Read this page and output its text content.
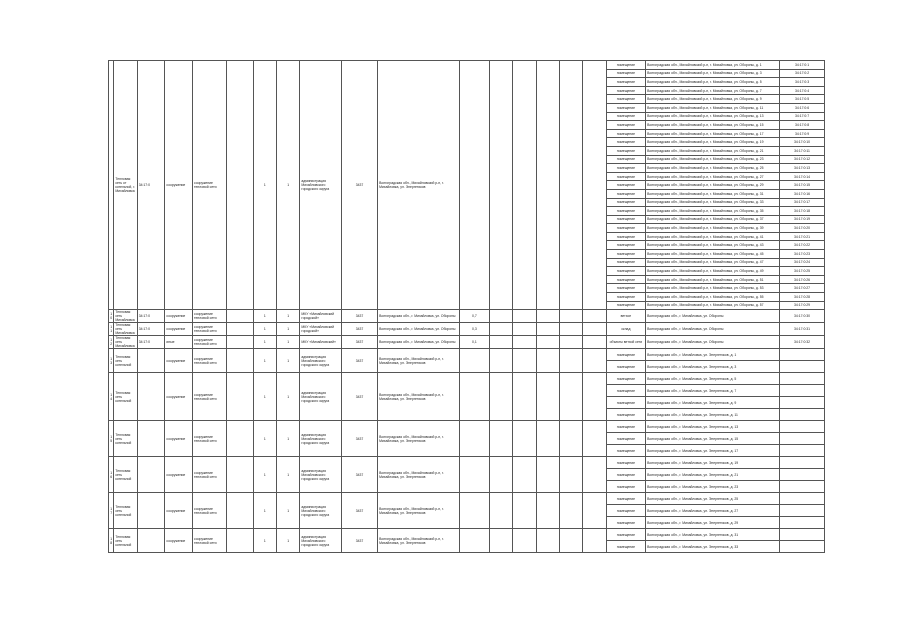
	Тепловая сеть от котельной, г. Михайловка	34:17:0	сооружение	сооружение тепловой сети		1	1	администрация Михайловского городского округа	3437	Волгоградская обл., Михайловский р-н, г. Михайловка, ул. Энергетиков							помещение	Волгоградская обл., Михайловский р-н, г. Михайловка, ул. Обороны, д. 1	34:17:0:1
																	помещение	Волгоградская обл., Михайловский р-н, г. Михайловка, ул. Обороны, д. 3	34:17:0:2
																	помещение	Волгоградская обл., Михайловский р-н, г. Михайловка, ул. Обороны, д. 5	34:17:0:3
																	помещение	Волгоградская обл., Михайловский р-н, г. Михайловка, ул. Обороны, д. 7	34:17:0:4
																	помещение	Волгоградская обл., Михайловский р-н, г. Михайловка, ул. Обороны, д. 9	34:17:0:5
																	помещение	Волгоградская обл., Михайловский р-н, г. Михайловка, ул. Обороны, д. 11	34:17:0:6
																	помещение	Волгоградская обл., Михайловский р-н, г. Михайловка, ул. Обороны, д. 13	34:17:0:7
																	помещение	Волгоградская обл., Михайловский р-н, г. Михайловка, ул. Обороны, д. 15	34:17:0:8
																	помещение	Волгоградская обл., Михайловский р-н, г. Михайловка, ул. Обороны, д. 17	34:17:0:9
																	помещение	Волгоградская обл., Михайловский р-н, г. Михайловка, ул. Обороны, д. 19	34:17:0:10
																	помещение	Волгоградская обл., Михайловский р-н, г. Михайловка, ул. Обороны, д. 21	34:17:0:11
																	помещение	Волгоградская обл., Михайловский р-н, г. Михайловка, ул. Обороны, д. 23	34:17:0:12
																	помещение	Волгоградская обл., Михайловский р-н, г. Михайловка, ул. Обороны, д. 25	34:17:0:13
																	помещение	Волгоградская обл., Михайловский р-н, г. Михайловка, ул. Обороны, д. 27	34:17:0:14
																	помещение	Волгоградская обл., Михайловский р-н, г. Михайловка, ул. Обороны, д. 29	34:17:0:15
																	помещение	Волгоградская обл., Михайловский р-н, г. Михайловка, ул. Обороны, д. 31	34:17:0:16
																	помещение	Волгоградская обл., Михайловский р-н, г. Михайловка, ул. Обороны, д. 33	34:17:0:17
																	помещение	Волгоградская обл., Михайловский р-н, г. Михайловка, ул. Обороны, д. 35	34:17:0:18
																	помещение	Волгоградская обл., Михайловский р-н, г. Михайловка, ул. Обороны, д. 37	34:17:0:19
																	помещение	Волгоградская обл., Михайловский р-н, г. Михайловка, ул. Обороны, д. 39	34:17:0:20
																	помещение	Волгоградская обл., Михайловский р-н, г. Михайловка, ул. Обороны, д. 41	34:17:0:21
																	помещение	Волгоградская обл., Михайловский р-н, г. Михайловка, ул. Обороны, д. 43	34:17:0:22
																	помещение	Волгоградская обл., Михайловский р-н, г. Михайловка, ул. Обороны, д. 45	34:17:0:23
																	помещение	Волгоградская обл., Михайловский р-н, г. Михайловка, ул. Обороны, д. 47	34:17:0:24
																	помещение	Волгоградская обл., Михайловский р-н, г. Михайловка, ул. Обороны, д. 49	34:17:0:25
																	помещение	Волгоградская обл., Михайловский р-н, г. Михайловка, ул. Обороны, д. 51	34:17:0:26
																	помещение	Волгоградская обл., Михайловский р-н, г. Михайловка, ул. Обороны, д. 53	34:17:0:27
																	помещение	Волгоградская обл., Михайловский р-н, г. Михайловка, ул. Обороны, д. 55	34:17:0:28
																	помещение	Волгоградская обл., Михайловский р-н, г. Михайловка, ул. Обороны, д. 57	34:17:0:29
10	Тепловая сеть Михайловка	34:17:0	сооружение	сооружение тепловой сети		1	1	МКУ «Михайловский городской»	3437	Волгоградская обл., г. Михайловка, ул. Обороны	0,7						ветхое	Волгоградская обл., г. Михайловка, ул. Обороны	34:17:0:30
11	Тепловая сеть Михайловка	34:17:0	сооружение	сооружение тепловой сети		1	1	МКУ «Михайловский городской»	3437	Волгоградская обл., г. Михайловка, ул. Обороны	0,3						склад	Волгоградская обл., г. Михайловка, ул. Обороны	34:17:0:31
12	Тепловая сеть Михайловка	34:17:0	иные	сооружение тепловой сети		1	1	МКУ «Михайловский»	3437	Волгоградская обл., г. Михайловка, ул. Обороны	0,1						объекты ветхой сети	Волгоградская обл., г. Михайловка, ул. Обороны	34:17:0:32
13	Тепловая сеть котельной		сооружение	сооружение тепловой сети		1	1	администрация Михайловского городского округа	3437	Волгоградская обл., Михайловский р-н, г. Михайловка, ул. Энергетиков							помещение	Волгоградская обл., г. Михайловка, ул. Энергетиков, д. 1	
																	помещение	Волгоградская обл., г. Михайловка, ул. Энергетиков, д. 3	
14	Тепловая сеть котельной		сооружение	сооружение тепловой сети		1	1	администрация Михайловского городского округа	3437	Волгоградская обл., Михайловский р-н, г. Михайловка, ул. Энергетиков							помещение	Волгоградская обл., г. Михайловка, ул. Энергетиков, д. 5	
																	помещение	Волгоградская обл., г. Михайловка, ул. Энергетиков, д. 7	
																	помещение	Волгоградская обл., г. Михайловка, ул. Энергетиков, д. 9	
																	помещение	Волгоградская обл., г. Михайловка, ул. Энергетиков, д. 11	
15	Тепловая сеть котельной		сооружение	сооружение тепловой сети		1	1	администрация Михайловского городского округа	3437	Волгоградская обл., Михайловский р-н, г. Михайловка, ул. Энергетиков							помещение	Волгоградская обл., г. Михайловка, ул. Энергетиков, д. 13	
																	помещение	Волгоградская обл., г. Михайловка, ул. Энергетиков, д. 15	
																	помещение	Волгоградская обл., г. Михайловка, ул. Энергетиков, д. 17	
16	Тепловая сеть котельной		сооружение	сооружение тепловой сети		1	1	администрация Михайловского городского округа	3437	Волгоградская обл., Михайловский р-н, г. Михайловка, ул. Энергетиков							помещение	Волгоградская обл., г. Михайловка, ул. Энергетиков, д. 19	
																	помещение	Волгоградская обл., г. Михайловка, ул. Энергетиков, д. 21	
																	помещение	Волгоградская обл., г. Михайловка, ул. Энергетиков, д. 23	
17	Тепловая сеть котельной		сооружение	сооружение тепловой сети		1	1	администрация Михайловского городского округа	3437	Волгоградская обл., Михайловский р-н, г. Михайловка, ул. Энергетиков							помещение	Волгоградская обл., г. Михайловка, ул. Энергетиков, д. 25	
																	помещение	Волгоградская обл., г. Михайловка, ул. Энергетиков, д. 27	
																	помещение	Волгоградская обл., г. Михайловка, ул. Энергетиков, д. 29	
18	Тепловая сеть котельной		сооружение	сооружение тепловой сети		1	1	администрация Михайловского городского округа	3437	Волгоградская обл., Михайловский р-н, г. Михайловка, ул. Энергетиков							помещение	Волгоградская обл., г. Михайловка, ул. Энергетиков, д. 31	
																	помещение	Волгоградская обл., г. Михайловка, ул. Энергетиков, д. 33	
